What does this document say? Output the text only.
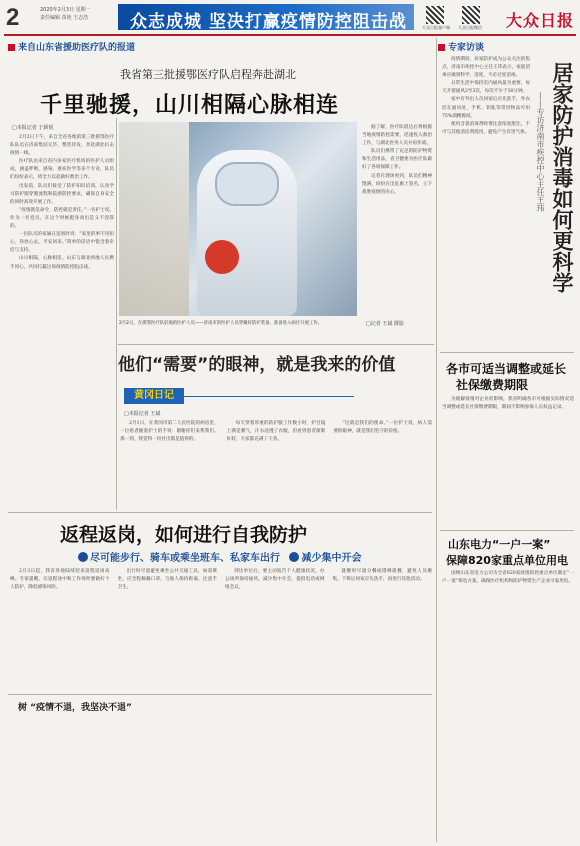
2	2020年2月3日 星期一
责任编辑 苗艳 王志浩	众志成城 坚决打赢疫情防控阻击战	大众日报客户端 大众日报微信 大众日报
来自山东省援助医疗队的报道
我省第三批援鄂医疗队启程奔赴湖北
千里驰援，山川相隔心脉相连
□本报记者 于新悦

2月2日下午，来自全省各地的第三批援鄂医疗队队员在济南集结完毕，整装待发，奔赴湖北抗击疫情一线。

医疗队由来自省内多家医疗机构的医护人员组成，涵盖呼吸、感染、重症医学等多个专业，队员们纷纷表示，将全力以赴做好救治工作。

出发前，队员们接受了防护知识培训，认真学习防护服穿脱流程和院感防控要求，确保自身安全的同时高效开展工作。

“疫情就是命令，防控就是责任。”一名护士说，作为一名党员，在这个时候挺身而出是义不容辞的。

一位队员的家属在送别时说：“家里的事不用担心，你放心去，平安回来。”简单的话语中饱含着牵挂与支持。

山川相隔，心脉相连。山东与湖北两地人民携手同心，共同打赢这场疫情防控阻击战。

据了解，医疗队抵达后将根据当地疫情防控需要，迅速投入救治工作，与湖北医务人员并肩作战。

队员们携带了充足的防护物资和生活用品，省卫健委为医疗队做好了各项保障工作。

记者在现场看到，队员们精神饱满，纷纷在出征旗上签名，立下战胜疫情的决心。

2月2日，在援鄂医疗队驻地的医护人员——济南市的医护人员穿戴好防护装备，准备进入病区开展工作。	□记者 王斌 摄影
他们“需要”的眼神，就是我来的价值
黄冈日记
□本报记者 王斌

2月1日，在黄冈市第二人民医院的病房里，一位患者握着护士的手说：谢谢你们来帮我们。那一刻，我觉得一切付出都是值得的。

每天穿着厚重的防护服工作数小时，护目镜上满是雾气，汗水浸透了衣服，但看到患者渐渐好转，大家都充满了干劲。

“这就是我们的使命。”一位护士说，病人需要的眼神，就是我们坚守的价值。

返程返岗，如何进行自我防护
尽可能步行、骑车或乘坐班车、私家车出行 减少集中开会

2月3日起，我省各地陆续迎来返程返岗高峰。专家提醒，在返程途中和工作场所要做好个人防护，降低感染风险。

出行时尽量避免乘坐公共交通工具，如需乘坐，应全程佩戴口罩，与他人保持距离，注意手卫生。

到达单位后，要主动报告个人健康状况，办公场所保持通风，减少集中开会，提倡电话或网络会议。

就餐时尽量分餐或错峰就餐，避免人员聚集。下班后回家应先洗手，再进行其他活动。

树 “疫情不退，我坚决不退”
专家访谈
居家防护消毒如何更科学
——专访济南市疾控中心主任王玮

疫情期间，居家防护成为公众关注的焦点。济南市疾控中心主任王玮表示，家庭消毒应做到科学、适度，不必过度消毒。

日常生活中保持室内通风最为重要，每天开窗通风2至3次，每次不少于30分钟。

家中有外出人员回家后应先洗手，外衣挂在通风处，手机、钥匙等常用物品可用75%酒精擦拭。

使用含氯消毒剂时要注意浓度配比，不可与其他清洁剂混用，避免产生有害气体。

各市可适当调整或延长
社保缴费期限

为缓解疫情对企业的影响，我省明确各市可根据实际情况适当调整或延长社保缴费期限，期间不影响参保人员权益记录。

山东电力“一户一案”
保障820家重点单位用电

国网山东省电力公司为全省820家疫情防控重点单位制定“一户一案”保电方案，确保医疗机构和防护物资生产企业可靠用电。
